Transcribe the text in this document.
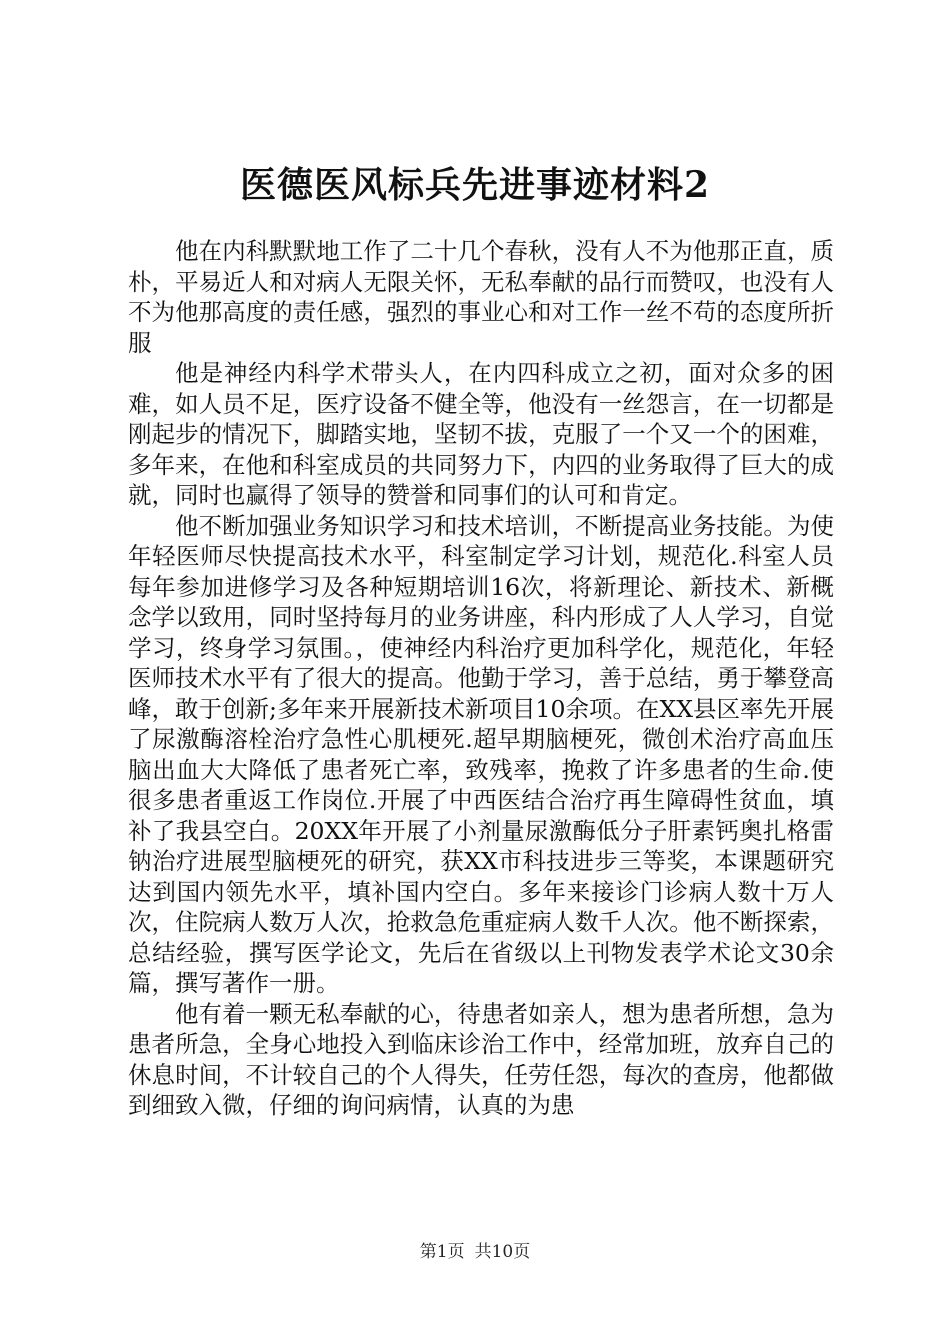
医德医风标兵先进事迹材料2

他在内科默默地工作了二十几个春秋，没有人不为他那正直，质朴，平易近人和对病人无限关怀，无私奉献的品行而赞叹，也没有人不为他那高度的责任感，强烈的事业心和对工作一丝不苟的态度所折服

他是神经内科学术带头人，在内四科成立之初，面对众多的困难，如人员不足，医疗设备不健全等，他没有一丝怨言，在一切都是刚起步的情况下，脚踏实地，坚韧不拔，克服了一个又一个的困难，多年来，在他和科室成员的共同努力下，内四的业务取得了巨大的成就，同时也赢得了领导的赞誉和同事们的认可和肯定。

他不断加强业务知识学习和技术培训，不断提高业务技能。为使年轻医师尽快提高技术水平，科室制定学习计划，规范化.科室人员每年参加进修学习及各种短期培训16次，将新理论、新技术、新概念学以致用，同时坚持每月的业务讲座，科内形成了人人学习，自觉学习，终身学习氛围。，使神经内科治疗更加科学化，规范化，年轻医师技术水平有了很大的提高。他勤于学习，善于总结，勇于攀登高峰，敢于创新;多年来开展新技术新项目10余项。在XX县区率先开展了尿激酶溶栓治疗急性心肌梗死.超早期脑梗死，微创术治疗高血压脑出血大大降低了患者死亡率，致残率，挽救了许多患者的生命.使很多患者重返工作岗位.开展了中西医结合治疗再生障碍性贫血，填补了我县空白。20XX年开展了小剂量尿激酶低分子肝素钙奥扎格雷钠治疗进展型脑梗死的研究，获XX市科技进步三等奖，本课题研究达到国内领先水平，填补国内空白。多年来接诊门诊病人数十万人次，住院病人数万人次，抢救急危重症病人数千人次。他不断探索，总结经验，撰写医学论文，先后在省级以上刊物发表学术论文30余篇，撰写著作一册。

他有着一颗无私奉献的心，待患者如亲人，想为患者所想，急为患者所急，全身心地投入到临床诊治工作中，经常加班，放弃自己的休息时间，不计较自己的个人得失，任劳任怨，每次的查房，他都做到细致入微，仔细的询问病情，认真的为患

第1页 共10页
